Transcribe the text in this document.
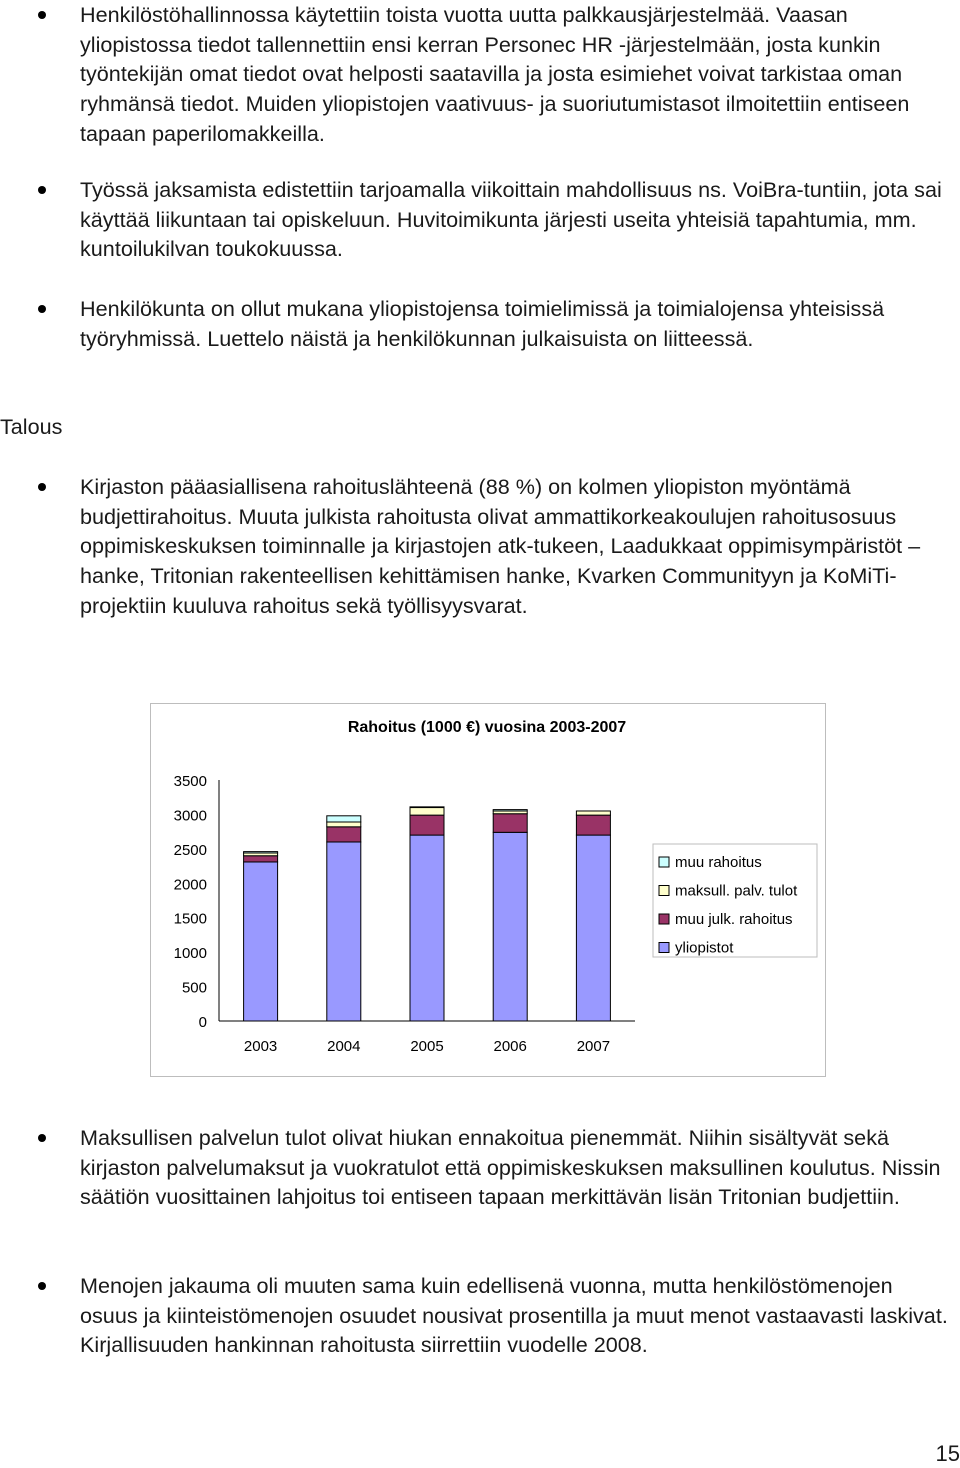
Henkilöstöhallinnossa käytettiin toista vuotta uutta palkkausjärjestelmää. Vaasan yliopistossa tiedot tallennettiin ensi kerran Personec HR -järjestelmään, josta kunkin työntekijän omat tiedot ovat helposti saatavilla ja josta esimiehet voivat tarkistaa oman ryhmänsä tiedot. Muiden yliopistojen vaativuus- ja suoriutumistasot ilmoitettiin entiseen tapaan paperilomakkeilla.

Työssä jaksamista edistettiin tarjoamalla viikoittain mahdollisuus ns. VoiBra-tuntiin, jota sai käyttää liikuntaan tai opiskeluun. Huvitoimikunta järjesti useita yhteisiä tapahtumia, mm. kuntoilukilvan toukokuussa.

Henkilökunta on ollut mukana yliopistojensa toimielimissä ja toimialojensa yhteisissä työryhmissä. Luettelo näistä ja henkilökunnan julkaisuista on liitteessä.

Talous

Kirjaston pääasiallisena rahoituslähteenä (88 %) on kolmen yliopiston myöntämä budjettirahoitus. Muuta julkista rahoitusta olivat ammattikorkeakoulujen rahoitusosuus oppimiskeskuksen toiminnalle ja kirjastojen atk-tukeen, Laadukkaat oppimisympäristöt –hanke, Tritonian rakenteellisen kehittämisen hanke, Kvarken Communityyn ja KoMiTi-projektiin kuuluva rahoitus sekä työllisyysvarat.

Rahoitus (1000 €) vuosina 2003-2007
0
500
1000
1500
2000
2500
3000
3500
2003	2004	2005	2006	2007
muu rahoitus
maksull. palv. tulot
muu julk. rahoitus
yliopistot

Maksullisen palvelun tulot olivat hiukan ennakoitua pienemmät. Niihin sisältyvät sekä kirjaston palvelumaksut ja vuokratulot että oppimiskeskuksen maksullinen koulutus. Nissin säätiön vuosittainen lahjoitus toi entiseen tapaan merkittävän lisän Tritonian budjettiin.

Menojen jakauma oli muuten sama kuin edellisenä vuonna, mutta henkilöstömenojen osuus ja kiinteistömenojen osuudet nousivat prosentilla ja muut menot vastaavasti laskivat. Kirjallisuuden hankinnan rahoitusta siirrettiin vuodelle 2008.

15
